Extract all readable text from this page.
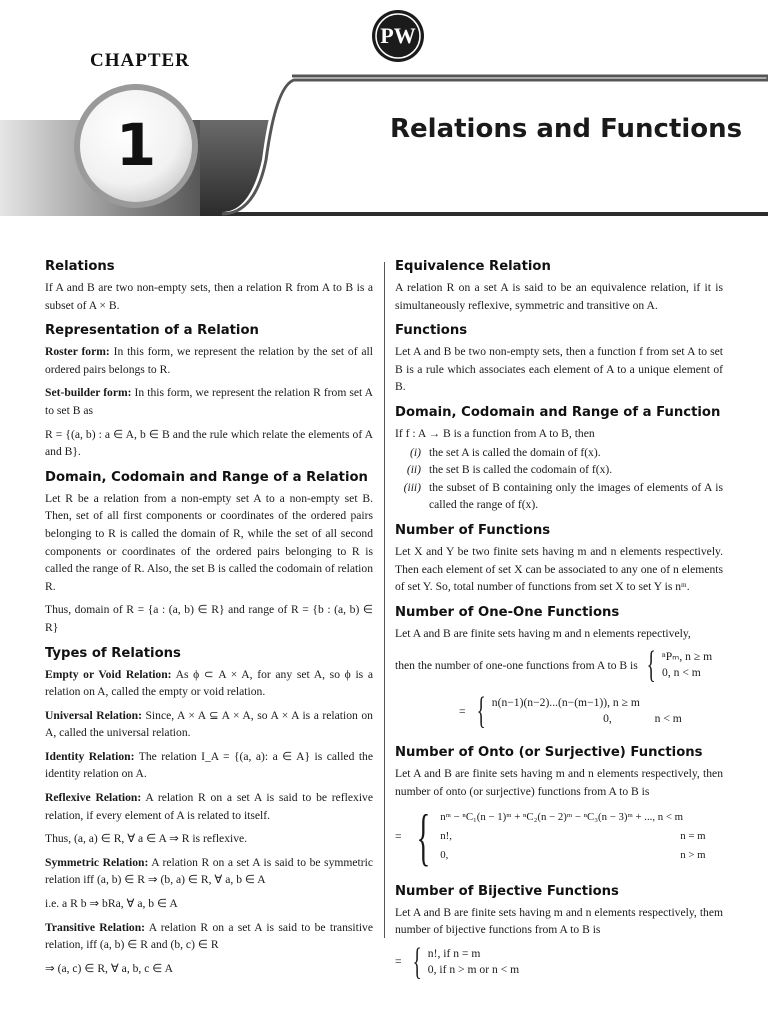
PW
CHAPTER
1	Relations and Functions
Relations

If A and B are two non-empty sets, then a relation R from A to B is a subset of A × B.

Representation of a Relation

Roster form: In this form, we represent the relation by the set of all ordered pairs belongs to R.

Set-builder form: In this form, we represent the relation R from set A to set B as

R = {(a, b) : a ∈ A, b ∈ B and the rule which relate the elements of A and B}.

Domain, Codomain and Range of a Relation

Let R be a relation from a non-empty set A to a non-empty set B. Then, set of all first components or coordinates of the ordered pairs belonging to R is called the domain of R, while the set of all second components or coordinates of the ordered pairs belonging to R is called the range of R. Also, the set B is called the codomain of relation R.

Thus, domain of R = {a : (a, b) ∈ R} and range of R = {b : (a, b) ∈ R}

Types of Relations

Empty or Void Relation: As ϕ ⊂ A × A, for any set A, so ϕ is a relation on A, called the empty or void relation.

Universal Relation: Since, A × A ⊆ A × A, so A × A is a relation on A, called the universal relation.

Identity Relation: The relation I_A = {(a, a): a ∈ A} is called the identity relation on A.

Reflexive Relation: A relation R on a set A is said to be reflexive relation, if every element of A is related to itself.

Thus, (a, a) ∈ R, ∀ a ∈ A ⇒ R is reflexive.

Symmetric Relation: A relation R on a set A is said to be symmetric relation iff (a, b) ∈ R ⇒ (b, a) ∈ R, ∀ a, b ∈ A

i.e. a R b ⇒ bRa, ∀ a, b ∈ A

Transitive Relation: A relation R on a set A is said to be transitive relation, iff (a, b) ∈ R and (b, c) ∈ R

⇒ (a, c) ∈ R, ∀ a, b, c ∈ A

Equivalence Relation

A relation R on a set A is said to be an equivalence relation, if it is simultaneously reflexive, symmetric and transitive on A.

Functions

Let A and B be two non-empty sets, then a function f from set A to set B is a rule which associates each element of A to a unique element of B.

Domain, Codomain and Range of a Function

If f : A → B is a function from A to B, then

(i) the set A is called the domain of f(x).
(ii) the set B is called the codomain of f(x).
(iii) the subset of B containing only the images of elements of A is called the range of f(x).
Number of Functions

Let X and Y be two finite sets having m and n elements respectively. Then each element of set X can be associated to any one of n elements of set Y. So, total number of functions from set X to set Y is nᵐ.

Number of One-One Functions

Let A and B are finite sets having m and n elements repectively,

then the number of one-one functions from A to B is { ⁿPₘ, n ≥ m
0, n < m

= { n(n−1)(n−2)...(n−(m−1)), n ≥ m
0,	n < m
Number of Onto (or Surjective) Functions

Let A and B are finite sets having m and n elements respectively, then number of onto (or surjective) functions from A to B is

= { nᵐ − ⁿC₁(n − 1)ᵐ + ⁿC₂(n − 2)ᵐ − ⁿC₃(n − 3)ᵐ + ..., n < m
n!,	n = m
0,	n > m
Number of Bijective Functions

Let A and B are finite sets having m and n elements respectively, them number of bijective functions from A to B is

= { n!, if n = m
0, if n > m or n < m
